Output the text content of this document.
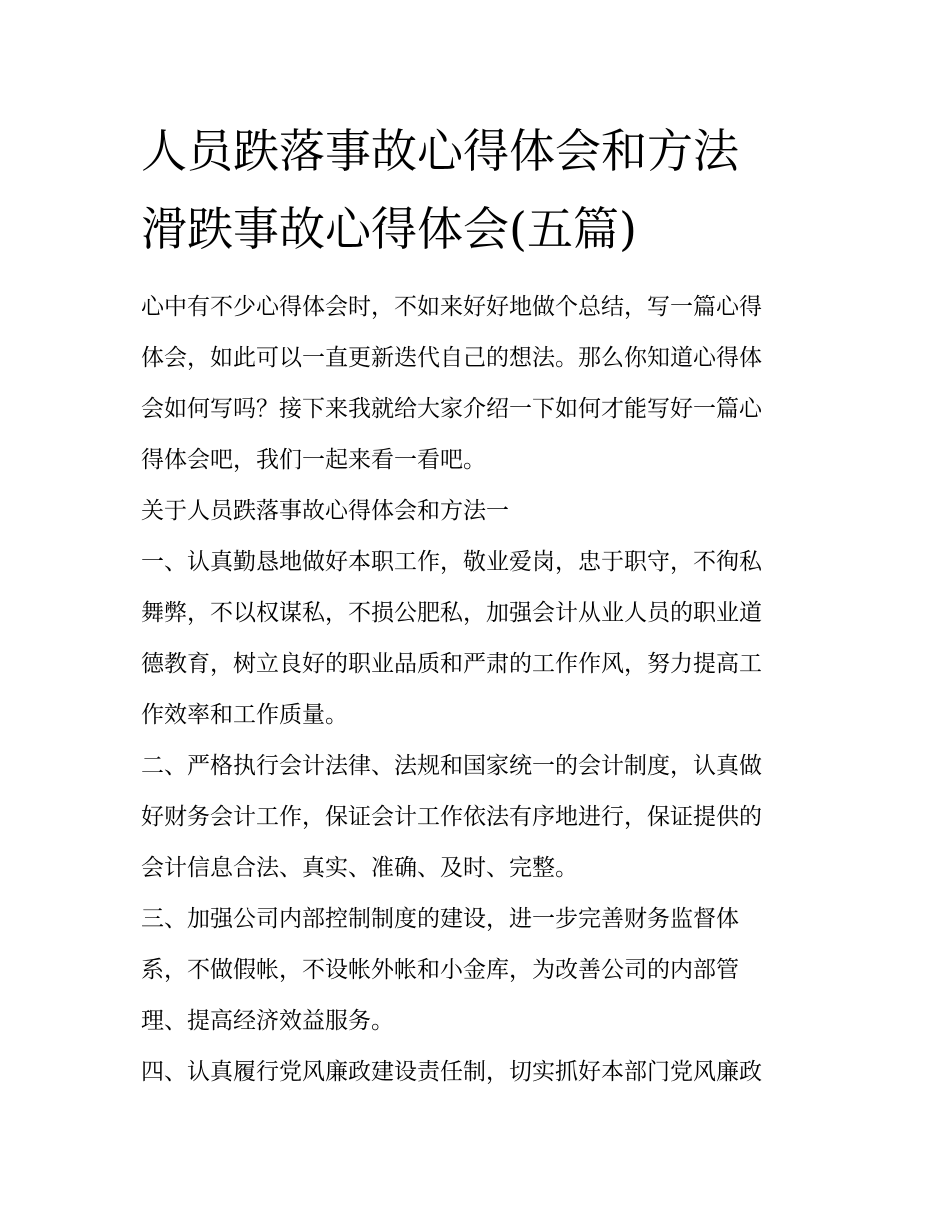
人员跌落事故心得体会和方法
滑跌事故心得体会(五篇)

心中有不少心得体会时，不如来好好地做个总结，写一篇心得
体会，如此可以一直更新迭代自己的想法。那么你知道心得体
会如何写吗？接下来我就给大家介绍一下如何才能写好一篇心
得体会吧，我们一起来看一看吧。

关于人员跌落事故心得体会和方法一

一、认真勤恳地做好本职工作，敬业爱岗，忠于职守，不徇私
舞弊，不以权谋私，不损公肥私，加强会计从业人员的职业道
德教育，树立良好的职业品质和严肃的工作作风，努力提高工
作效率和工作质量。

二、严格执行会计法律、法规和国家统一的会计制度，认真做
好财务会计工作，保证会计工作依法有序地进行，保证提供的
会计信息合法、真实、准确、及时、完整。

三、加强公司内部控制制度的建设，进一步完善财务监督体
系，不做假帐，不设帐外帐和小金库，为改善公司的内部管
理、提高经济效益服务。

四、认真履行党风廉政建设责任制，切实抓好本部门党风廉政
